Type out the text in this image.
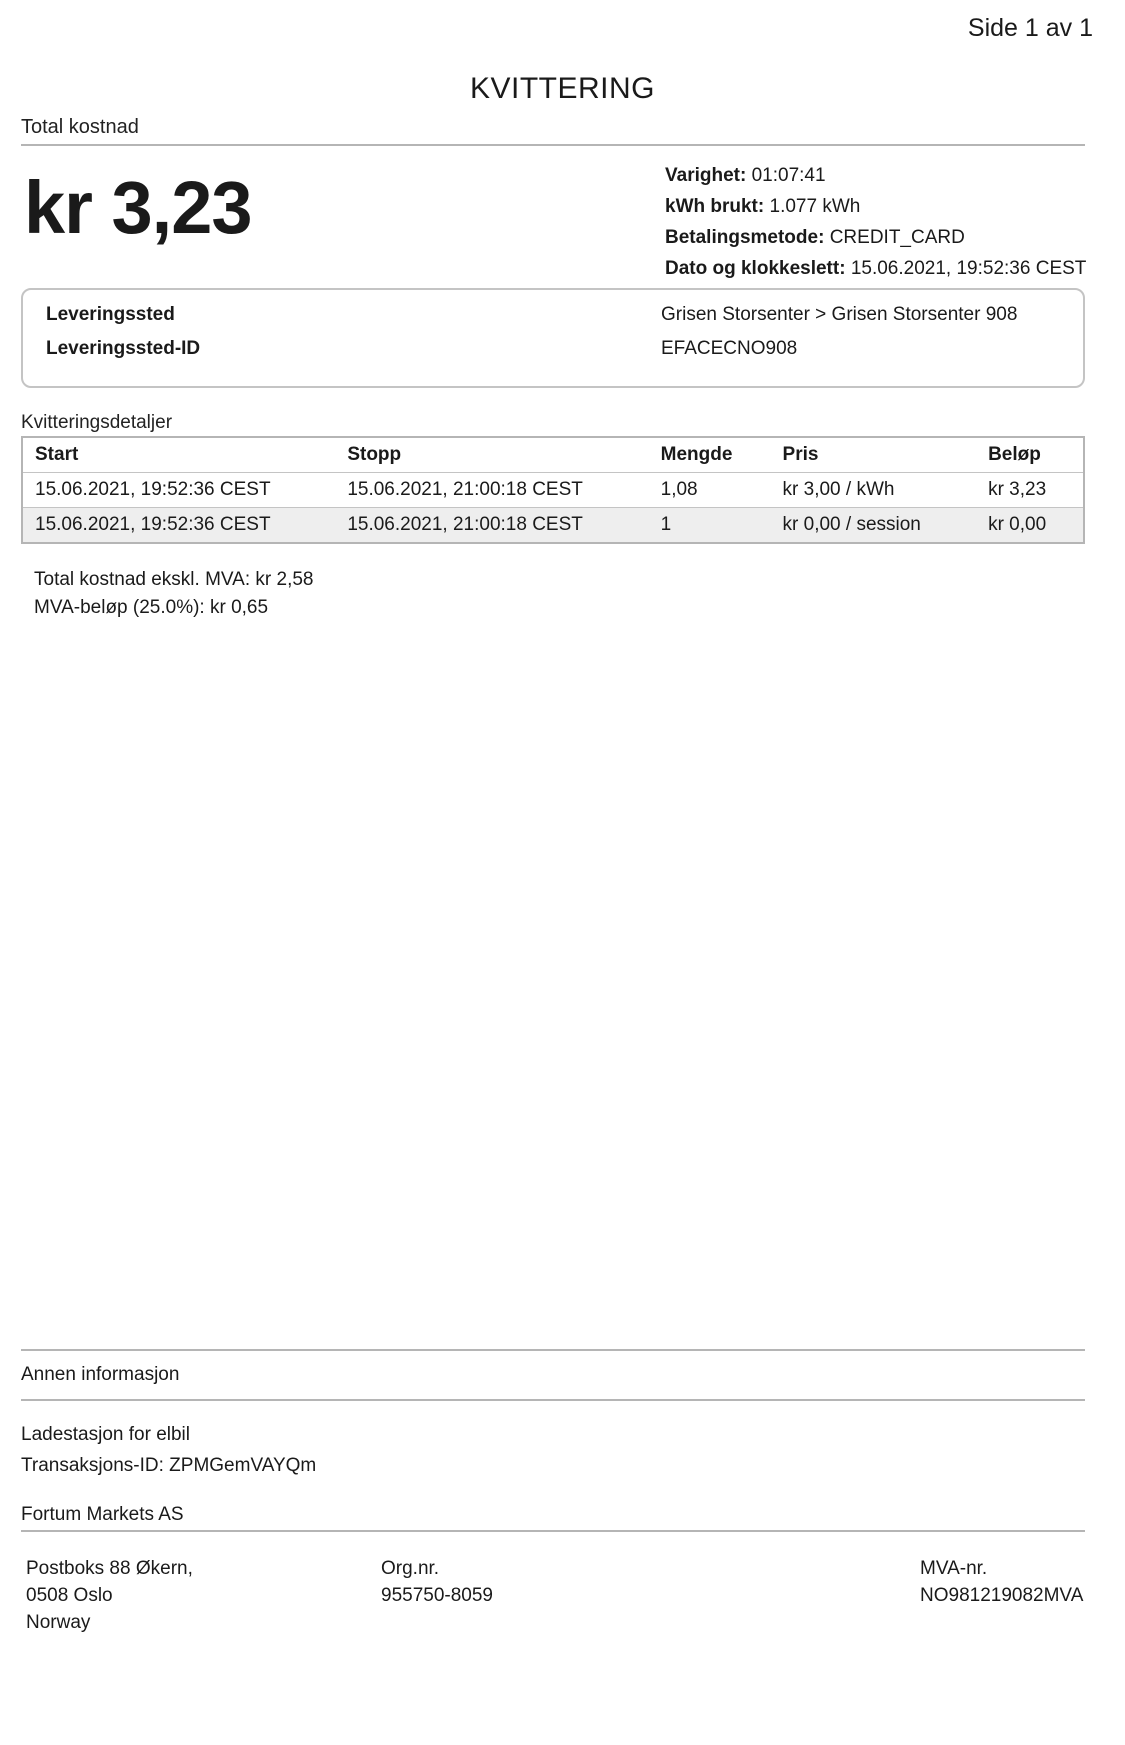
Side 1 av 1
KVITTERING
Total kostnad
kr 3,23	Varighet: 01:07:41
kWh brukt: 1.077 kWh
Betalingsmetode: CREDIT_CARD
Dato og klokkeslett: 15.06.2021, 19:52:36 CEST
Leveringssted	Grisen Storsenter > Grisen Storsenter 908
Leveringssted-ID	EFACECNO908
Kvitteringsdetaljer
Start	Stopp	Mengde	Pris	Beløp
15.06.2021, 19:52:36 CEST	15.06.2021, 21:00:18 CEST	1,08	kr 3,00 / kWh	kr 3,23
15.06.2021, 19:52:36 CEST	15.06.2021, 21:00:18 CEST	1	kr 0,00 / session	kr 0,00
Total kostnad ekskl. MVA: kr 2,58
MVA-beløp (25.0%): kr 0,65
Annen informasjon
Ladestasjon for elbil
Transaksjons-ID: ZPMGemVAYQm
Fortum Markets AS
Postboks 88 Økern,
0508 Oslo
Norway
Org.nr.
955750-8059
MVA-nr.
NO981219082MVA
